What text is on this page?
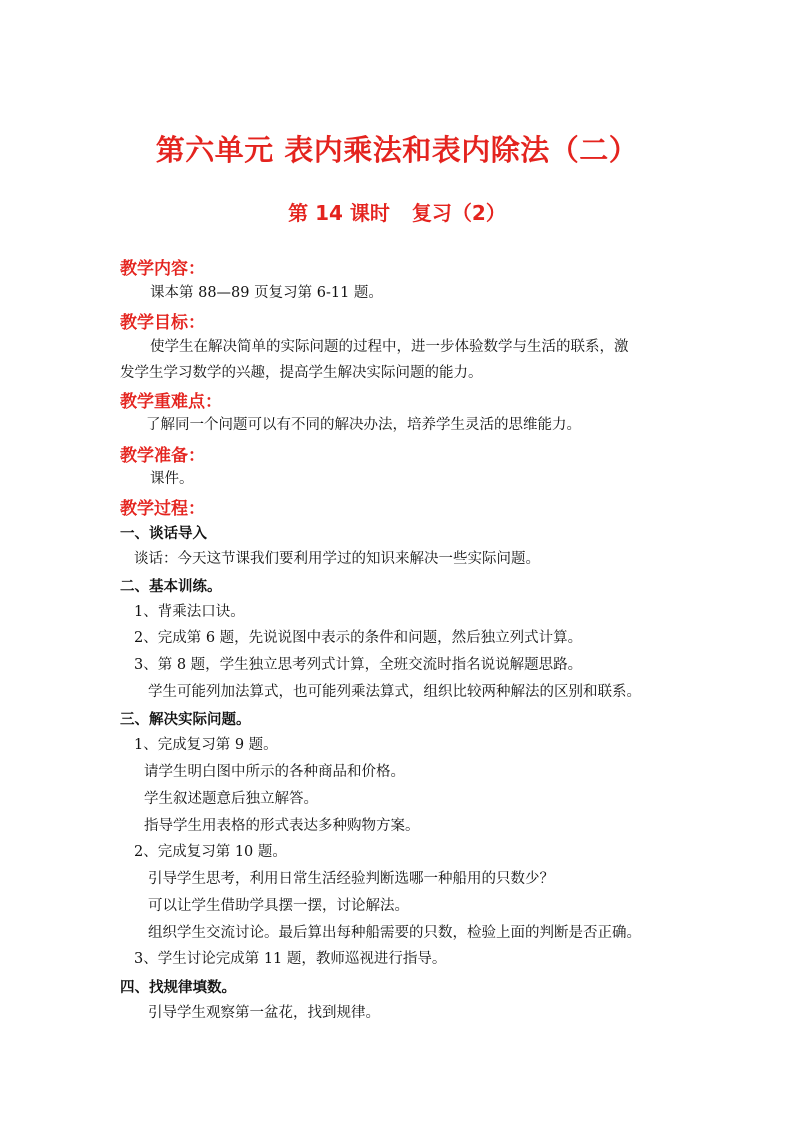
第六单元 表内乘法和表内除法（二）
第 14 课时 复习（2）
教学内容：
课本第 88—89 页复习第 6-11 题。
教学目标：
使学生在解决简单的实际问题的过程中，进一步体验数学与生活的联系，激
发学生学习数学的兴趣，提高学生解决实际问题的能力。
教学重难点：
了解同一个问题可以有不同的解决办法，培养学生灵活的思维能力。
教学准备：
课件。
教学过程：
一、谈话导入
谈话：今天这节课我们要利用学过的知识来解决一些实际问题。
二、基本训练。
1、背乘法口诀。
2、完成第 6 题，先说说图中表示的条件和问题，然后独立列式计算。
3、第 8 题，学生独立思考列式计算，全班交流时指名说说解题思路。
学生可能列加法算式，也可能列乘法算式，组织比较两种解法的区别和联系。
三、解决实际问题。
1、完成复习第 9 题。
请学生明白图中所示的各种商品和价格。
学生叙述题意后独立解答。
指导学生用表格的形式表达多种购物方案。
2、完成复习第 10 题。
引导学生思考，利用日常生活经验判断选哪一种船用的只数少？
可以让学生借助学具摆一摆，讨论解法。
组织学生交流讨论。最后算出每种船需要的只数，检验上面的判断是否正确。
3、学生讨论完成第 11 题，教师巡视进行指导。
四、找规律填数。
引导学生观察第一盆花，找到规律。
